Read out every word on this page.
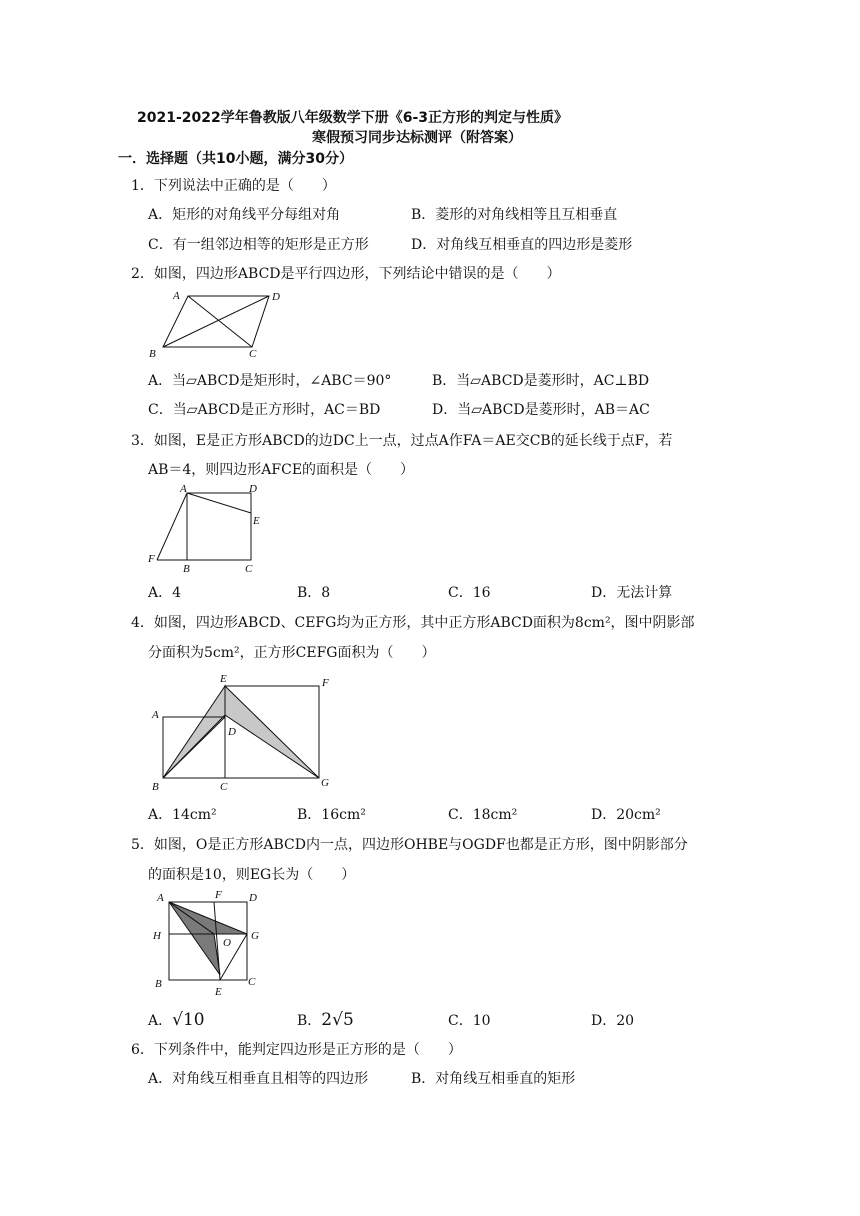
2021-2022学年鲁教版八年级数学下册《6-3正方形的判定与性质》
寒假预习同步达标测评（附答案）
一．选择题（共10小题，满分30分）
1．下列说法中正确的是（　　）
A．矩形的对角线平分每组对角	B．菱形的对角线相等且互相垂直
C．有一组邻边相等的矩形是正方形	D．对角线互相垂直的四边形是菱形
2．如图，四边形ABCD是平行四边形，下列结论中错误的是（　　）
A	D
B	C
A．当▱ABCD是矩形时，∠ABC＝90°	B．当▱ABCD是菱形时，AC⊥BD
C．当▱ABCD是正方形时，AC＝BD	D．当▱ABCD是菱形时，AB＝AC
3．如图，E是正方形ABCD的边DC上一点，过点A作FA＝AE交CB的延长线于点F，若
AB＝4，则四边形AFCE的面积是（　　）
A	D
E
F
B	C
A．4	B．8	C．16	D．无法计算
4．如图，四边形ABCD、CEFG均为正方形，其中正方形ABCD面积为8cm²，图中阴影部
分面积为5cm²，正方形CEFG面积为（　　）
E	F
A
D
B	C	G
A．14cm²	B．16cm²	C．18cm²	D．20cm²
5．如图，O是正方形ABCD内一点，四边形OHBE与OGDF也都是正方形，图中阴影部分
的面积是10，则EG长为（　　）
A	F D
H
O
G
B
E
C
A．√10	B．2√5	C．10	D．20
6．下列条件中，能判定四边形是正方形的是（　　）
A．对角线互相垂直且相等的四边形	B．对角线互相垂直的矩形
